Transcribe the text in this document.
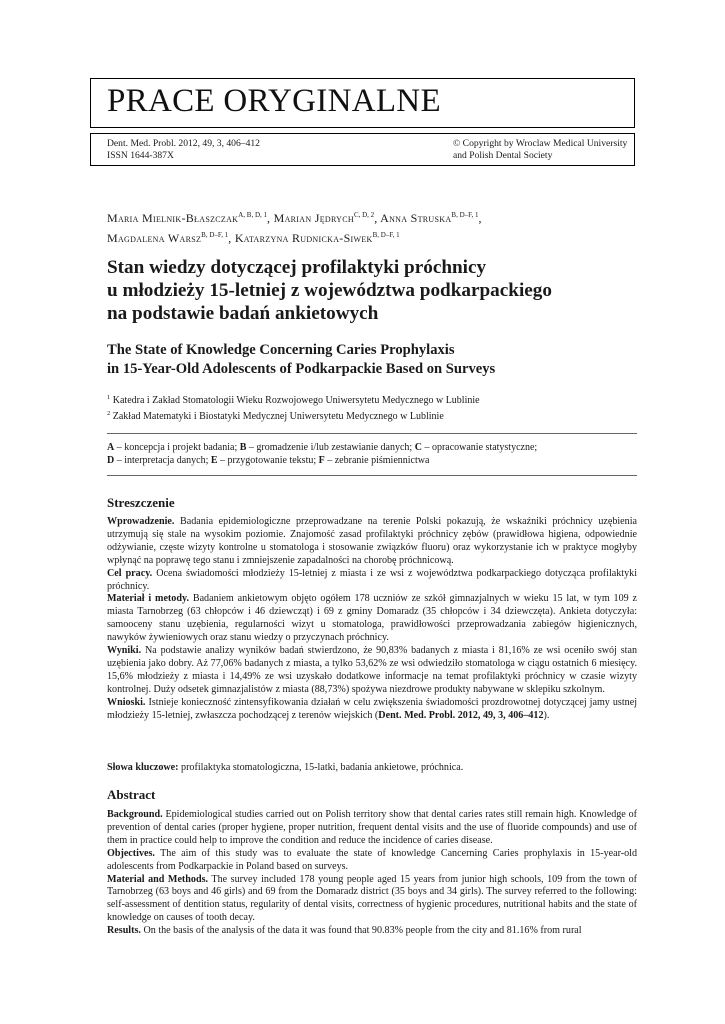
PRACE ORYGINALNE
Dent. Med. Probl. 2012, 49, 3, 406–412
ISSN 1644-387X
© Copyright by Wroclaw Medical University
and Polish Dental Society
Maria Mielnik-Błaszczak$^{A, B, D, 1}$, Marian Jędrych$^{C, D, 2}$, Anna Struska$^{B, D-F, 1}$,
Magdalena Warsz$^{B, D-F, 1}$, Katarzyna Rudnicka-Siwek$^{B, D-F, 1}$
Stan wiedzy dotyczącej profilaktyki próchnicy
u młodzieży 15-letniej z województwa podkarpackiego
na podstawie badań ankietowych
The State of Knowledge Concerning Caries Prophylaxis
in 15-Year-Old Adolescents of Podkarpackie Based on Surveys
$^1$ Katedra i Zakład Stomatologii Wieku Rozwojowego Uniwersytetu Medycznego w Lublinie
$^2$ Zakład Matematyki i Biostatyki Medycznej Uniwersytetu Medycznego w Lublinie
A – koncepcja i projekt badania; B – gromadzenie i/lub zestawianie danych; C – opracowanie statystyczne;
D – interpretacja danych; E – przygotowanie tekstu; F – zebranie piśmiennictwa
Streszczenie

Wprowadzenie. Badania epidemiologiczne przeprowadzane na terenie Polski pokazują, że wskaźniki próchnicy uzębienia utrzymują się stale na wysokim poziomie. Znajomość zasad profilaktyki próchnicy zębów (prawidłowa higiena, odpowiednie odżywianie, częste wizyty kontrolne u stomatologa i stosowanie związków fluoru) oraz wykorzystanie ich w praktyce mogłyby wpłynąć na poprawę tego stanu i zmniejszenie zapadalności na chorobę próchnicową.

Cel pracy. Ocena świadomości młodzieży 15-letniej z miasta i ze wsi z województwa podkarpackiego dotycząca profilaktyki próchnicy.

Materiał i metody. Badaniem ankietowym objęto ogółem 178 uczniów ze szkół gimnazjalnych w wieku 15 lat, w tym 109 z miasta Tarnobrzeg (63 chłopców i 46 dziewcząt) i 69 z gminy Domaradz (35 chłopców i 34 dziewczęta). Ankieta dotyczyła: samooceny stanu uzębienia, regularności wizyt u stomatologa, prawidłowości przeprowadzania zabiegów higienicznych, nawyków żywieniowych oraz stanu wiedzy o przyczynach próchnicy.

Wyniki. Na podstawie analizy wyników badań stwierdzono, że 90,83% badanych z miasta i 81,16% ze wsi oceniło swój stan uzębienia jako dobry. Aż 77,06% badanych z miasta, a tylko 53,62% ze wsi odwiedziło stomatologa w ciągu ostatnich 6 miesięcy. 15,6% młodzieży z miasta i 14,49% ze wsi uzyskało dodatkowe informacje na temat profilaktyki próchnicy w czasie wizyty kontrolnej. Duży odsetek gimnazjalistów z miasta (88,73%) spożywa niezdrowe produkty nabywane w sklepiku szkolnym.

Wnioski. Istnieje konieczność zintensyfikowania działań w celu zwiększenia świadomości prozdrowotnej dotyczącej jamy ustnej młodzieży 15-letniej, zwłaszcza pochodzącej z terenów wiejskich (Dent. Med. Probl. 2012, 49, 3, 406–412).

Słowa kluczowe: profilaktyka stomatologiczna, 15-latki, badania ankietowe, próchnica.
Abstract

Background. Epidemiological studies carried out on Polish territory show that dental caries rates still remain high. Knowledge of prevention of dental caries (proper hygiene, proper nutrition, frequent dental visits and the use of fluoride compounds) and use of them in practice could help to improve the condition and reduce the incidence of caries disease.

Objectives. The aim of this study was to evaluate the state of knowledge Cancerning Caries prophylaxis in 15-year-old adolescents from Podkarpackie in Poland based on surveys.

Material and Methods. The survey included 178 young people aged 15 years from junior high schools, 109 from the town of Tarnobrzeg (63 boys and 46 girls) and 69 from the Domaradz district (35 boys and 34 girls). The survey referred to the following: self-assessment of dentition status, regularity of dental visits, correctness of hygienic procedures, nutritional habits and the state of knowledge on causes of tooth decay.

Results. On the basis of the analysis of the data it was found that 90.83% people from the city and 81.16% from rural
